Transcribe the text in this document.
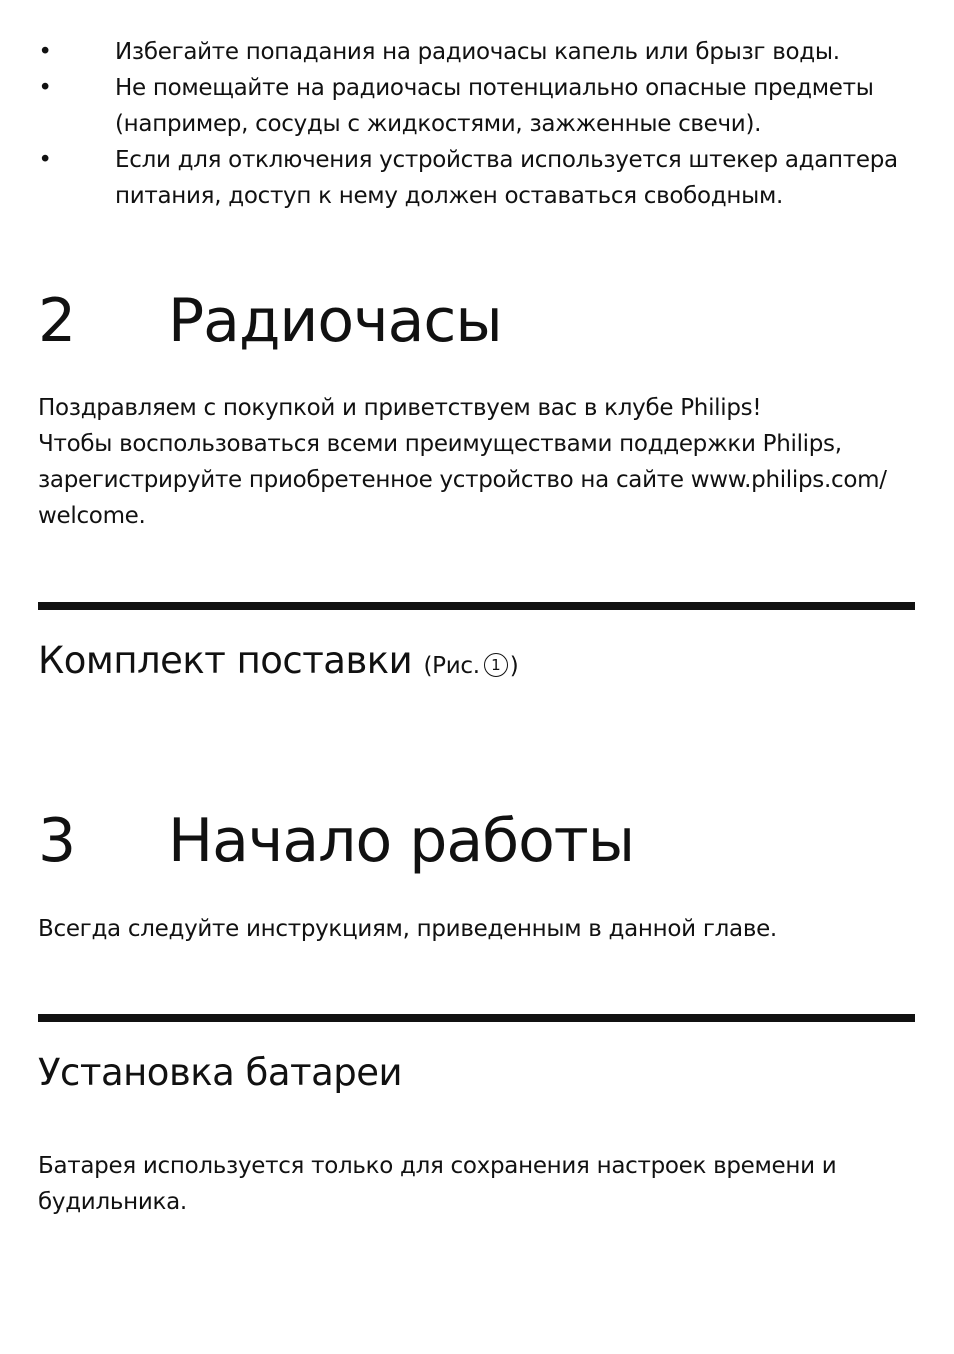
•	Избегайте попадания на радиочасы капель или брызг воды.
•	Не помещайте на радиочасы потенциально опасные предметы (например, сосуды с жидкостями, зажженные свечи).
•	Если для отключения устройства используется штекер адаптера питания, доступ к нему должен оставаться свободным.
2 Радиочасы
Поздравляем с покупкой и приветствуем вас в клубе Philips!
Чтобы воспользоваться всеми преимуществами поддержки Philips,
зарегистрируйте приобретенное устройство на сайте www.philips.com/
welcome.
Комплект поставки (Рис. 1 )
3 Начало работы

Всегда следуйте инструкциям, приведенным в данной главе.

Установка батареи
Батарея используется только для сохранения настроек времени и
будильника.
